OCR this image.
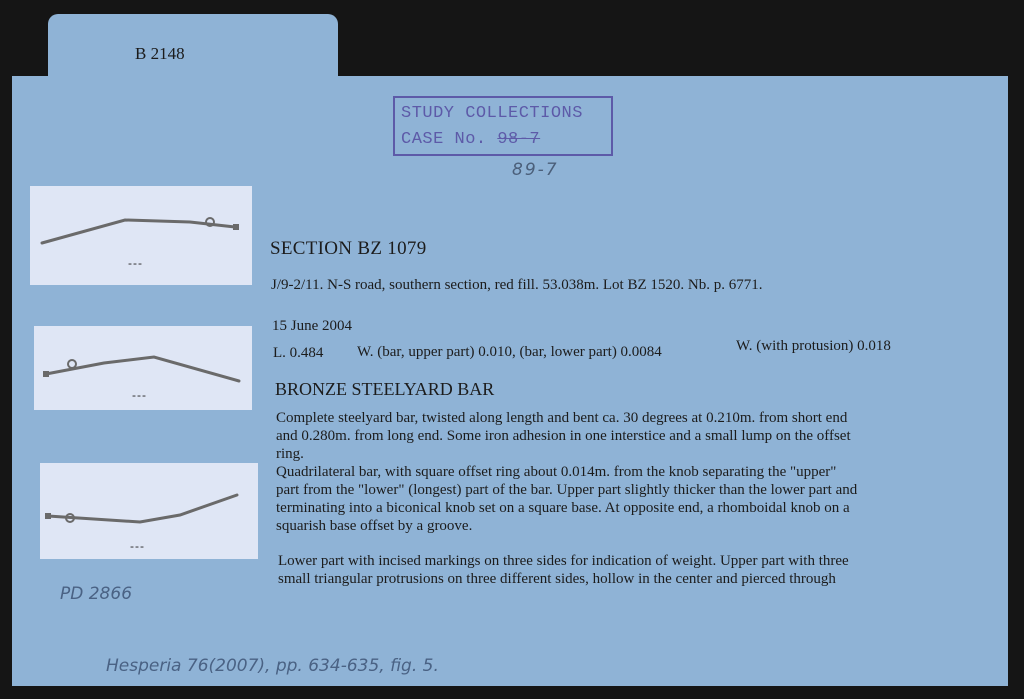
B 2148
STUDY COLLECTIONS
CASE No. 98-7
89-7
---
---
---
PD 2866
SECTION BZ 1079
J/9-2/11. N-S road, southern section, red fill. 53.038m. Lot BZ 1520. Nb. p. 6771.
15 June 2004
L. 0.484 W. (bar, upper part) 0.010, (bar, lower part) 0.0084	W. (with protusion) 0.018
BRONZE STEELYARD BAR
Complete steelyard bar, twisted along length and bent ca. 30 degrees at 0.210m. from short end
and 0.280m. from long end. Some iron adhesion in one interstice and a small lump on the offset
ring.
Quadrilateral bar, with square offset ring about 0.014m. from the knob separating the "upper"
part from the "lower" (longest) part of the bar. Upper part slightly thicker than the lower part and
terminating into a biconical knob set on a square base. At opposite end, a rhomboidal knob on a
squarish base offset by a groove.
Lower part with incised markings on three sides for indication of weight. Upper part with three
small triangular protrusions on three different sides, hollow in the center and pierced through
Hesperia 76(2007), pp. 634-635, fig. 5.
